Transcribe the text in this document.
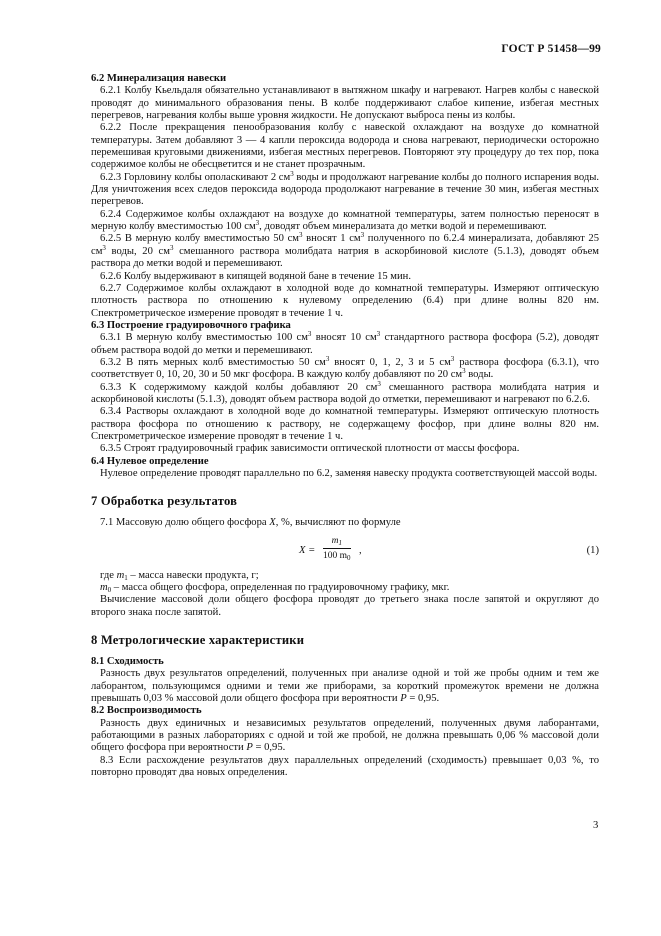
ГОСТ Р 51458—99

6.2 Минерализация навески

6.2.1 Колбу Кьельдаля обязательно устанавливают в вытяжном шкафу и нагревают. Нагрев колбы с навеской проводят до минимального образования пены. В колбе поддерживают слабое кипение, избегая местных перегревов, нагревания колбы выше уровня жидкости. Не допускают выброса пены из колбы.

6.2.2 После прекращения пенообразования колбу с навеской охлаждают на воздухе до комнатной температуры. Затем добавляют 3 — 4 капли пероксида водорода и снова нагревают, периодически осторожно перемешивая круговыми движениями, избегая местных перегревов. Повторяют эту процедуру до тех пор, пока содержимое колбы не обесцветится и не станет прозрачным.

6.2.3 Горловину колбы ополаскивают 2 $см^3$ воды и продолжают нагревание колбы до полного испарения воды. Для уничтожения всех следов пероксида водорода продолжают нагревание в течение 30 мин, избегая местных перегревов.

6.2.4 Содержимое колбы охлаждают на воздухе до комнатной температуры, затем полностью переносят в мерную колбу вместимостью 100 $см^3$, доводят объем минерализата до метки водой и перемешивают.

6.2.5 В мерную колбу вместимостью 50 $см^3$ вносят 1 $см^3$ полученного по 6.2.4 минерализата, добавляют 25 $см^3$ воды, 20 $см^3$ смешанного раствора молибдата натрия в аскорбиновой кислоте (5.1.3), доводят объем раствора до метки водой и перемешивают.

6.2.6 Колбу выдерживают в кипящей водяной бане в течение 15 мин.

6.2.7 Содержимое колбы охлаждают в холодной воде до комнатной температуры. Измеряют оптическую плотность раствора по отношению к нулевому определению (6.4) при длине волны 820 нм. Спектрометрическое измерение проводят в течение 1 ч.

6.3 Построение градуировочного графика

6.3.1 В мерную колбу вместимостью 100 $см^3$ вносят 10 $см^3$ стандартного раствора фосфора (5.2), доводят объем раствора водой до метки и перемешивают.

6.3.2 В пять мерных колб вместимостью 50 $см^3$ вносят 0, 1, 2, 3 и 5 $см^3$ раствора фосфора (6.3.1), что соответствует 0, 10, 20, 30 и 50 мкг фосфора. В каждую колбу добавляют по 20 $см^3$ воды.

6.3.3 К содержимому каждой колбы добавляют 20 $см^3$ смешанного раствора молибдата натрия и аскорбиновой кислоты (5.1.3), доводят объем раствора водой до отметки, перемешивают и нагревают по 6.2.6.

6.3.4 Растворы охлаждают в холодной воде до комнатной температуры. Измеряют оптическую плотность раствора фосфора по отношению к раствору, не содержащему фосфор, при длине волны 820 нм. Спектрометрическое измерение проводят в течение 1 ч.

6.3.5 Строят градуировочный график зависимости оптической плотности от массы фосфора.

6.4 Нулевое определение

Нулевое определение проводят параллельно по 6.2, заменяя навеску продукта соответствующей массой воды.

7 Обработка результатов

7.1 Массовую долю общего фосфора X, %, вычисляют по формуле

$X = \frac{m_1}{100 m_0}$ ,	(1)

где $m_1$ – масса навески продукта, г;

$m_0$ – масса общего фосфора, определенная по градуировочному графику, мкг.

Вычисление массовой доли общего фосфора проводят до третьего знака после запятой и округляют до второго знака после запятой.

8 Метрологические характеристики

8.1 Сходимость

Разность двух результатов определений, полученных при анализе одной и той же пробы одним и тем же лаборантом, пользующимся одними и теми же приборами, за короткий промежуток времени не должна превышать 0,03 % массовой доли общего фосфора при вероятности P = 0,95.

8.2 Воспроизводимость

Разность двух единичных и независимых результатов определений, полученных двумя лаборантами, работающими в разных лабораториях с одной и той же пробой, не должна превышать 0,06 % массовой доли общего фосфора при вероятности P = 0,95.

8.3 Если расхождение результатов двух параллельных определений (сходимость) превышает 0,03 %, то повторно проводят два новых определения.

3
